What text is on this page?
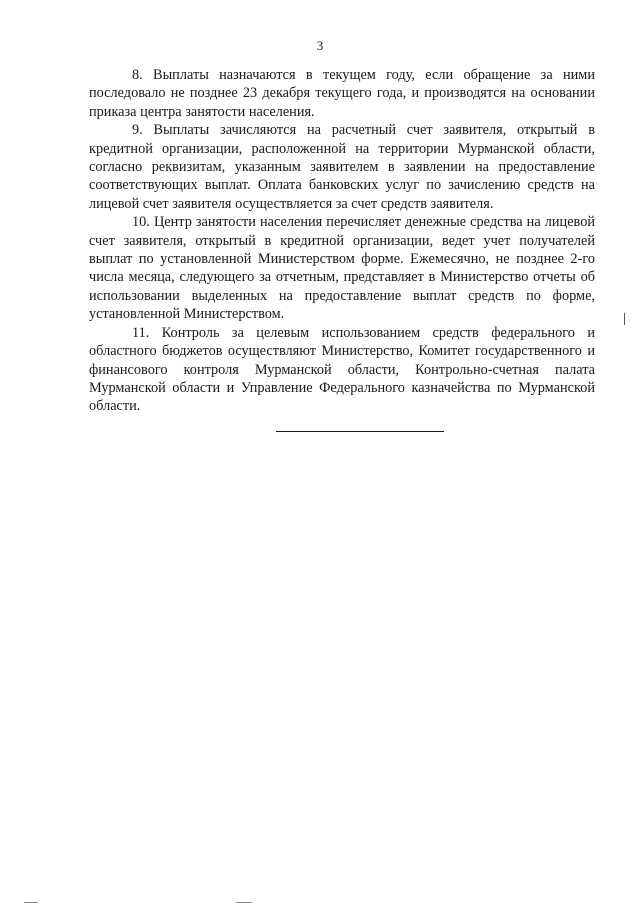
3

8. Выплаты назначаются в текущем году, если обращение за ними последовало не позднее 23 декабря текущего года, и производятся на основании приказа центра занятости населения.

9. Выплаты зачисляются на расчетный счет заявителя, открытый в кредитной организации, расположенной на территории Мурманской области, согласно реквизитам, указанным заявителем в заявлении на предоставление соответствующих выплат. Оплата банковских услуг по зачислению средств на лицевой счет заявителя осуществляется за счет средств заявителя.

10. Центр занятости населения перечисляет денежные средства на лицевой счет заявителя, открытый в кредитной организации, ведет учет получателей выплат по установленной Министерством форме. Ежемесячно, не позднее 2-го числа месяца, следующего за отчетным, представляет в Министерство отчеты об использовании выделенных на предоставление выплат средств по форме, установленной Министерством.

11. Контроль за целевым использованием средств федерального и областного бюджетов осуществляют Министерство, Комитет государственного и финансового контроля Мурманской области, Контрольно-счетная палата Мурманской области и Управление Федерального казначейства по Мурманской области.
